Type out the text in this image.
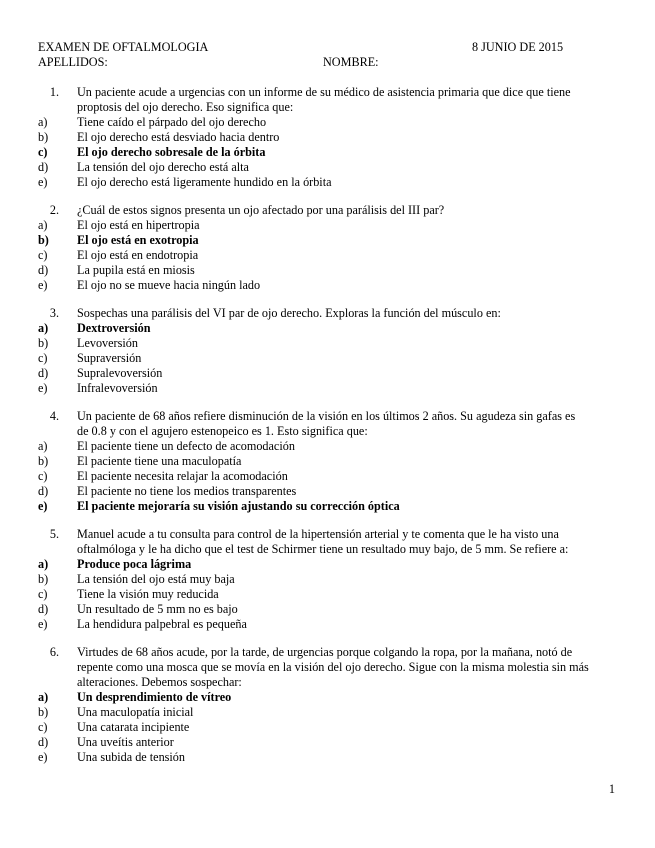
EXAMEN DE OFTALMOLOGIA	8 JUNIO DE 2015
APELLIDOS:	NOMBRE:
1.	Un paciente acude a urgencias con un informe de su médico de asistencia primaria que dice que tiene
proptosis del ojo derecho. Eso significa que:
a)	Tiene caído el párpado del ojo derecho
b)	El ojo derecho está desviado hacia dentro
c)	El ojo derecho sobresale de la órbita
d)	La tensión del ojo derecho está alta
e)	El ojo derecho está ligeramente hundido en la órbita
2.	¿Cuál de estos signos presenta un ojo afectado por una parálisis del III par?
a)	El ojo está en hipertropia
b)	El ojo está en exotropia
c)	El ojo está en endotropia
d)	La pupila está en miosis
e)	El ojo no se mueve hacia ningún lado
3.	Sospechas una parálisis del VI par de ojo derecho. Exploras la función del músculo en:
a)	Dextroversión
b)	Levoversión
c)	Supraversión
d)	Supralevoversión
e)	Infralevoversión
4.	Un paciente de 68 años refiere disminución de la visión en los últimos 2 años. Su agudeza sin gafas es
de 0.8 y con el agujero estenopeico es 1. Esto significa que:
a)	El paciente tiene un defecto de acomodación
b)	El paciente tiene una maculopatía
c)	El paciente necesita relajar la acomodación
d)	El paciente no tiene los medios transparentes
e)	El paciente mejoraría su visión ajustando su corrección óptica
5.	Manuel acude a tu consulta para control de la hipertensión arterial y te comenta que le ha visto una
oftalmóloga y le ha dicho que el test de Schirmer tiene un resultado muy bajo, de 5 mm. Se refiere a:
a)	Produce poca lágrima
b)	La tensión del ojo está muy baja
c)	Tiene la visión muy reducida
d)	Un resultado de 5 mm no es bajo
e)	La hendidura palpebral es pequeña
6.	Virtudes de 68 años acude, por la tarde, de urgencias porque colgando la ropa, por la mañana, notó de
repente como una mosca que se movía en la visión del ojo derecho. Sigue con la misma molestia sin más
alteraciones. Debemos sospechar:
a)	Un desprendimiento de vítreo
b)	Una maculopatía inicial
c)	Una catarata incipiente
d)	Una uveítis anterior
e)	Una subida de tensión
1
